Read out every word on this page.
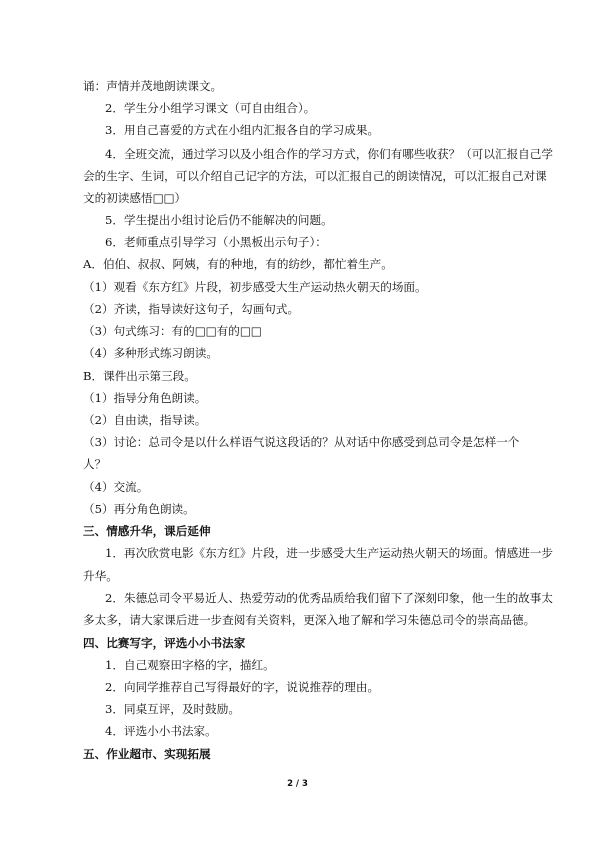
诵：声情并茂地朗读课文。
2．学生分小组学习课文（可自由组合）。
3．用自己喜爱的方式在小组内汇报各自的学习成果。
4．全班交流，通过学习以及小组合作的学习方式，你们有哪些收获？（可以汇报自己学
会的生字、生词，可以介绍自己记字的方法，可以汇报自己的朗读情况，可以汇报自己对课
文的初读感悟□□）
5．学生提出小组讨论后仍不能解决的问题。
6．老师重点引导学习（小黑板出示句子）：
A．伯伯、叔叔、阿姨，有的种地，有的纺纱，都忙着生产。
（1）观看《东方红》片段，初步感受大生产运动热火朝天的场面。
（2）齐读，指导读好这句子，勾画句式。
（3）句式练习：有的□□有的□□
（4）多种形式练习朗读。
B．课件出示第三段。
（1）指导分角色朗读。
（2）自由读，指导读。
（3）讨论：总司令是以什么样语气说这段话的？从对话中你感受到总司令是怎样一个
人？
（4）交流。
（5）再分角色朗读。
三、情感升华，课后延伸
1．再次欣赏电影《东方红》片段，进一步感受大生产运动热火朝天的场面。情感进一步
升华。
2．朱德总司令平易近人、热爱劳动的优秀品质给我们留下了深刻印象，他一生的故事太
多太多，请大家课后进一步查阅有关资料，更深入地了解和学习朱德总司令的崇高品德。
四、比赛写字，评选小小书法家
1．自己观察田字格的字，描红。
2．向同学推荐自己写得最好的字，说说推荐的理由。
3．同桌互评，及时鼓励。
4．评选小小书法家。
五、作业超市、实现拓展
2 / 3
